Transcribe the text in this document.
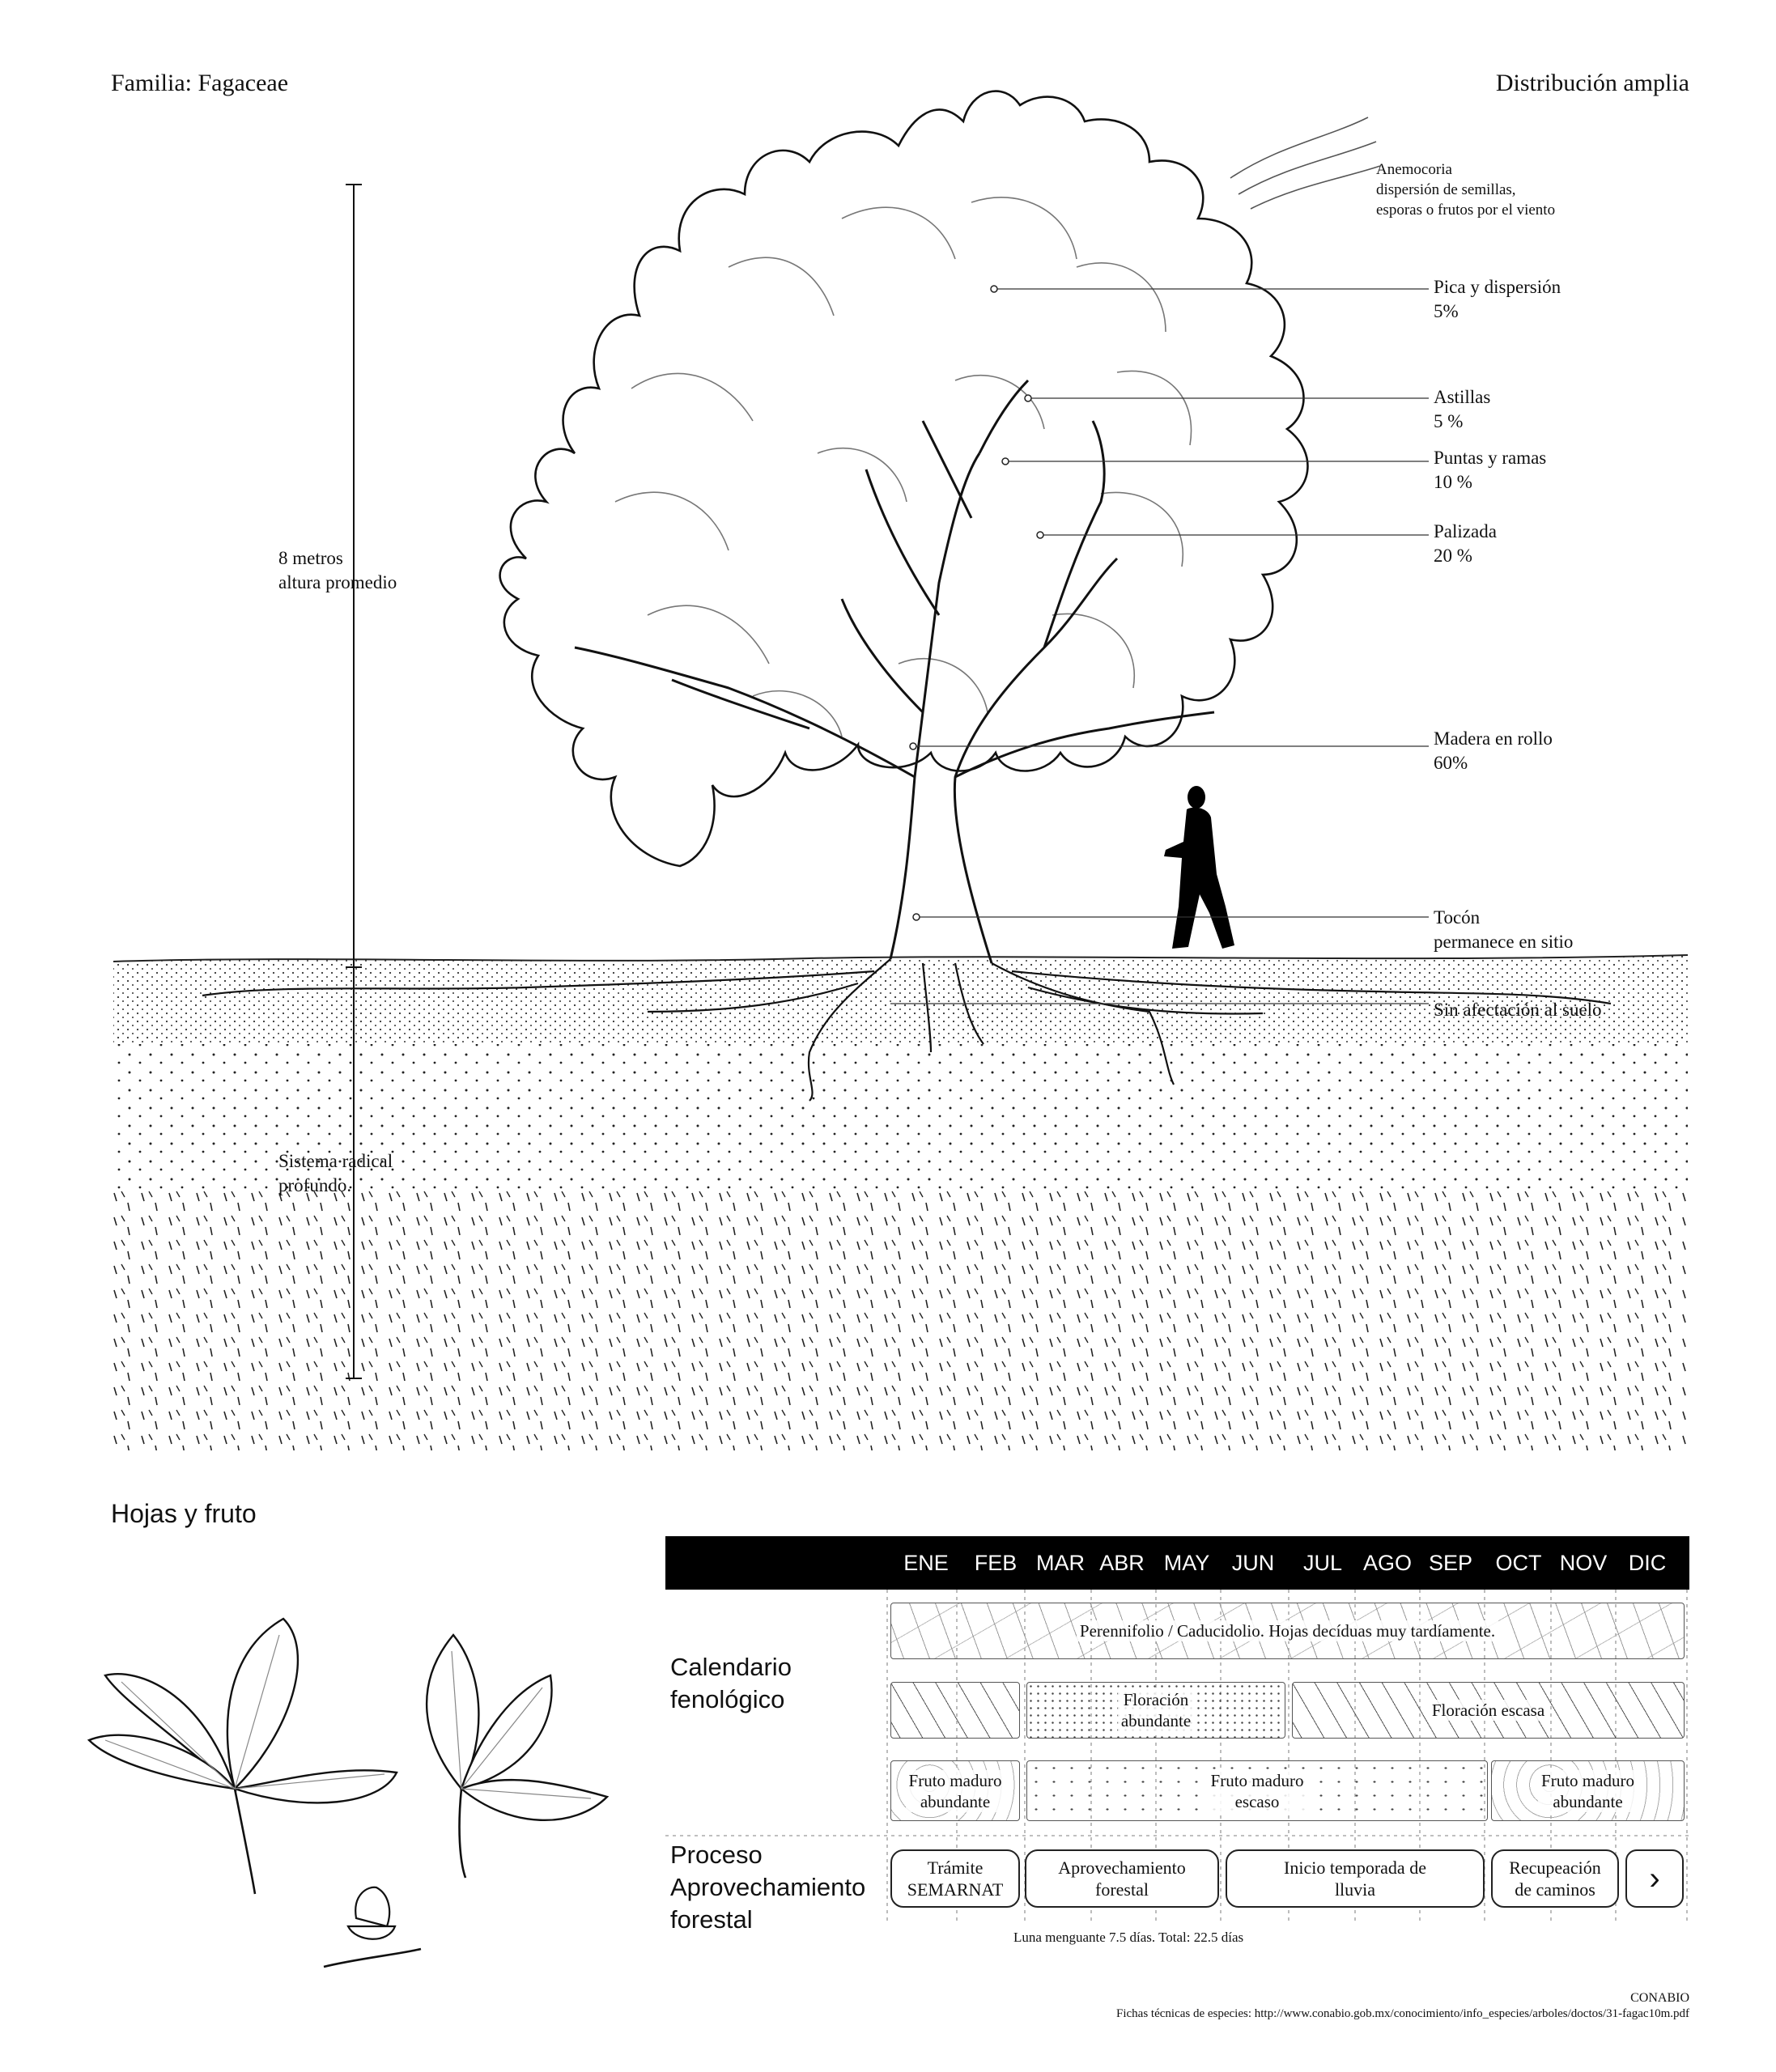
Familia: Fagaceae	Distribución amplia
8 metros
altura promedio
Sistema radical
profundo.
Anemocoria
dispersión de semillas,
esporas o frutos por el viento
Pica y dispersión
5%
Astillas
5 %
Puntas y ramas
10 %
Palizada
20 %
Madera en rollo
60%
Tocón
permanece en sitio
Sin afectación al suelo
Hojas y fruto
ENE FEB MAR ABR MAY JUN JUL AGO SEP OCT NOV DIC
Calendario
fenológico
Proceso
Aprovechamiento
forestal
Perennifolio / Caducidolio. Hojas decíduas muy tardíamente.
Floración
abundante
Floración escasa
Fruto maduro
abundante
Fruto maduro
escaso
Fruto maduro
abundante
Trámite
SEMARNAT
Aprovechamiento
forestal
Inicio temporada de
lluvia
Recupeación
de caminos	›
Luna menguante 7.5 días. Total: 22.5 días
CONABIO
Fichas técnicas de especies: http://www.conabio.gob.mx/conocimiento/info_especies/arboles/doctos/31-fagac10m.pdf
